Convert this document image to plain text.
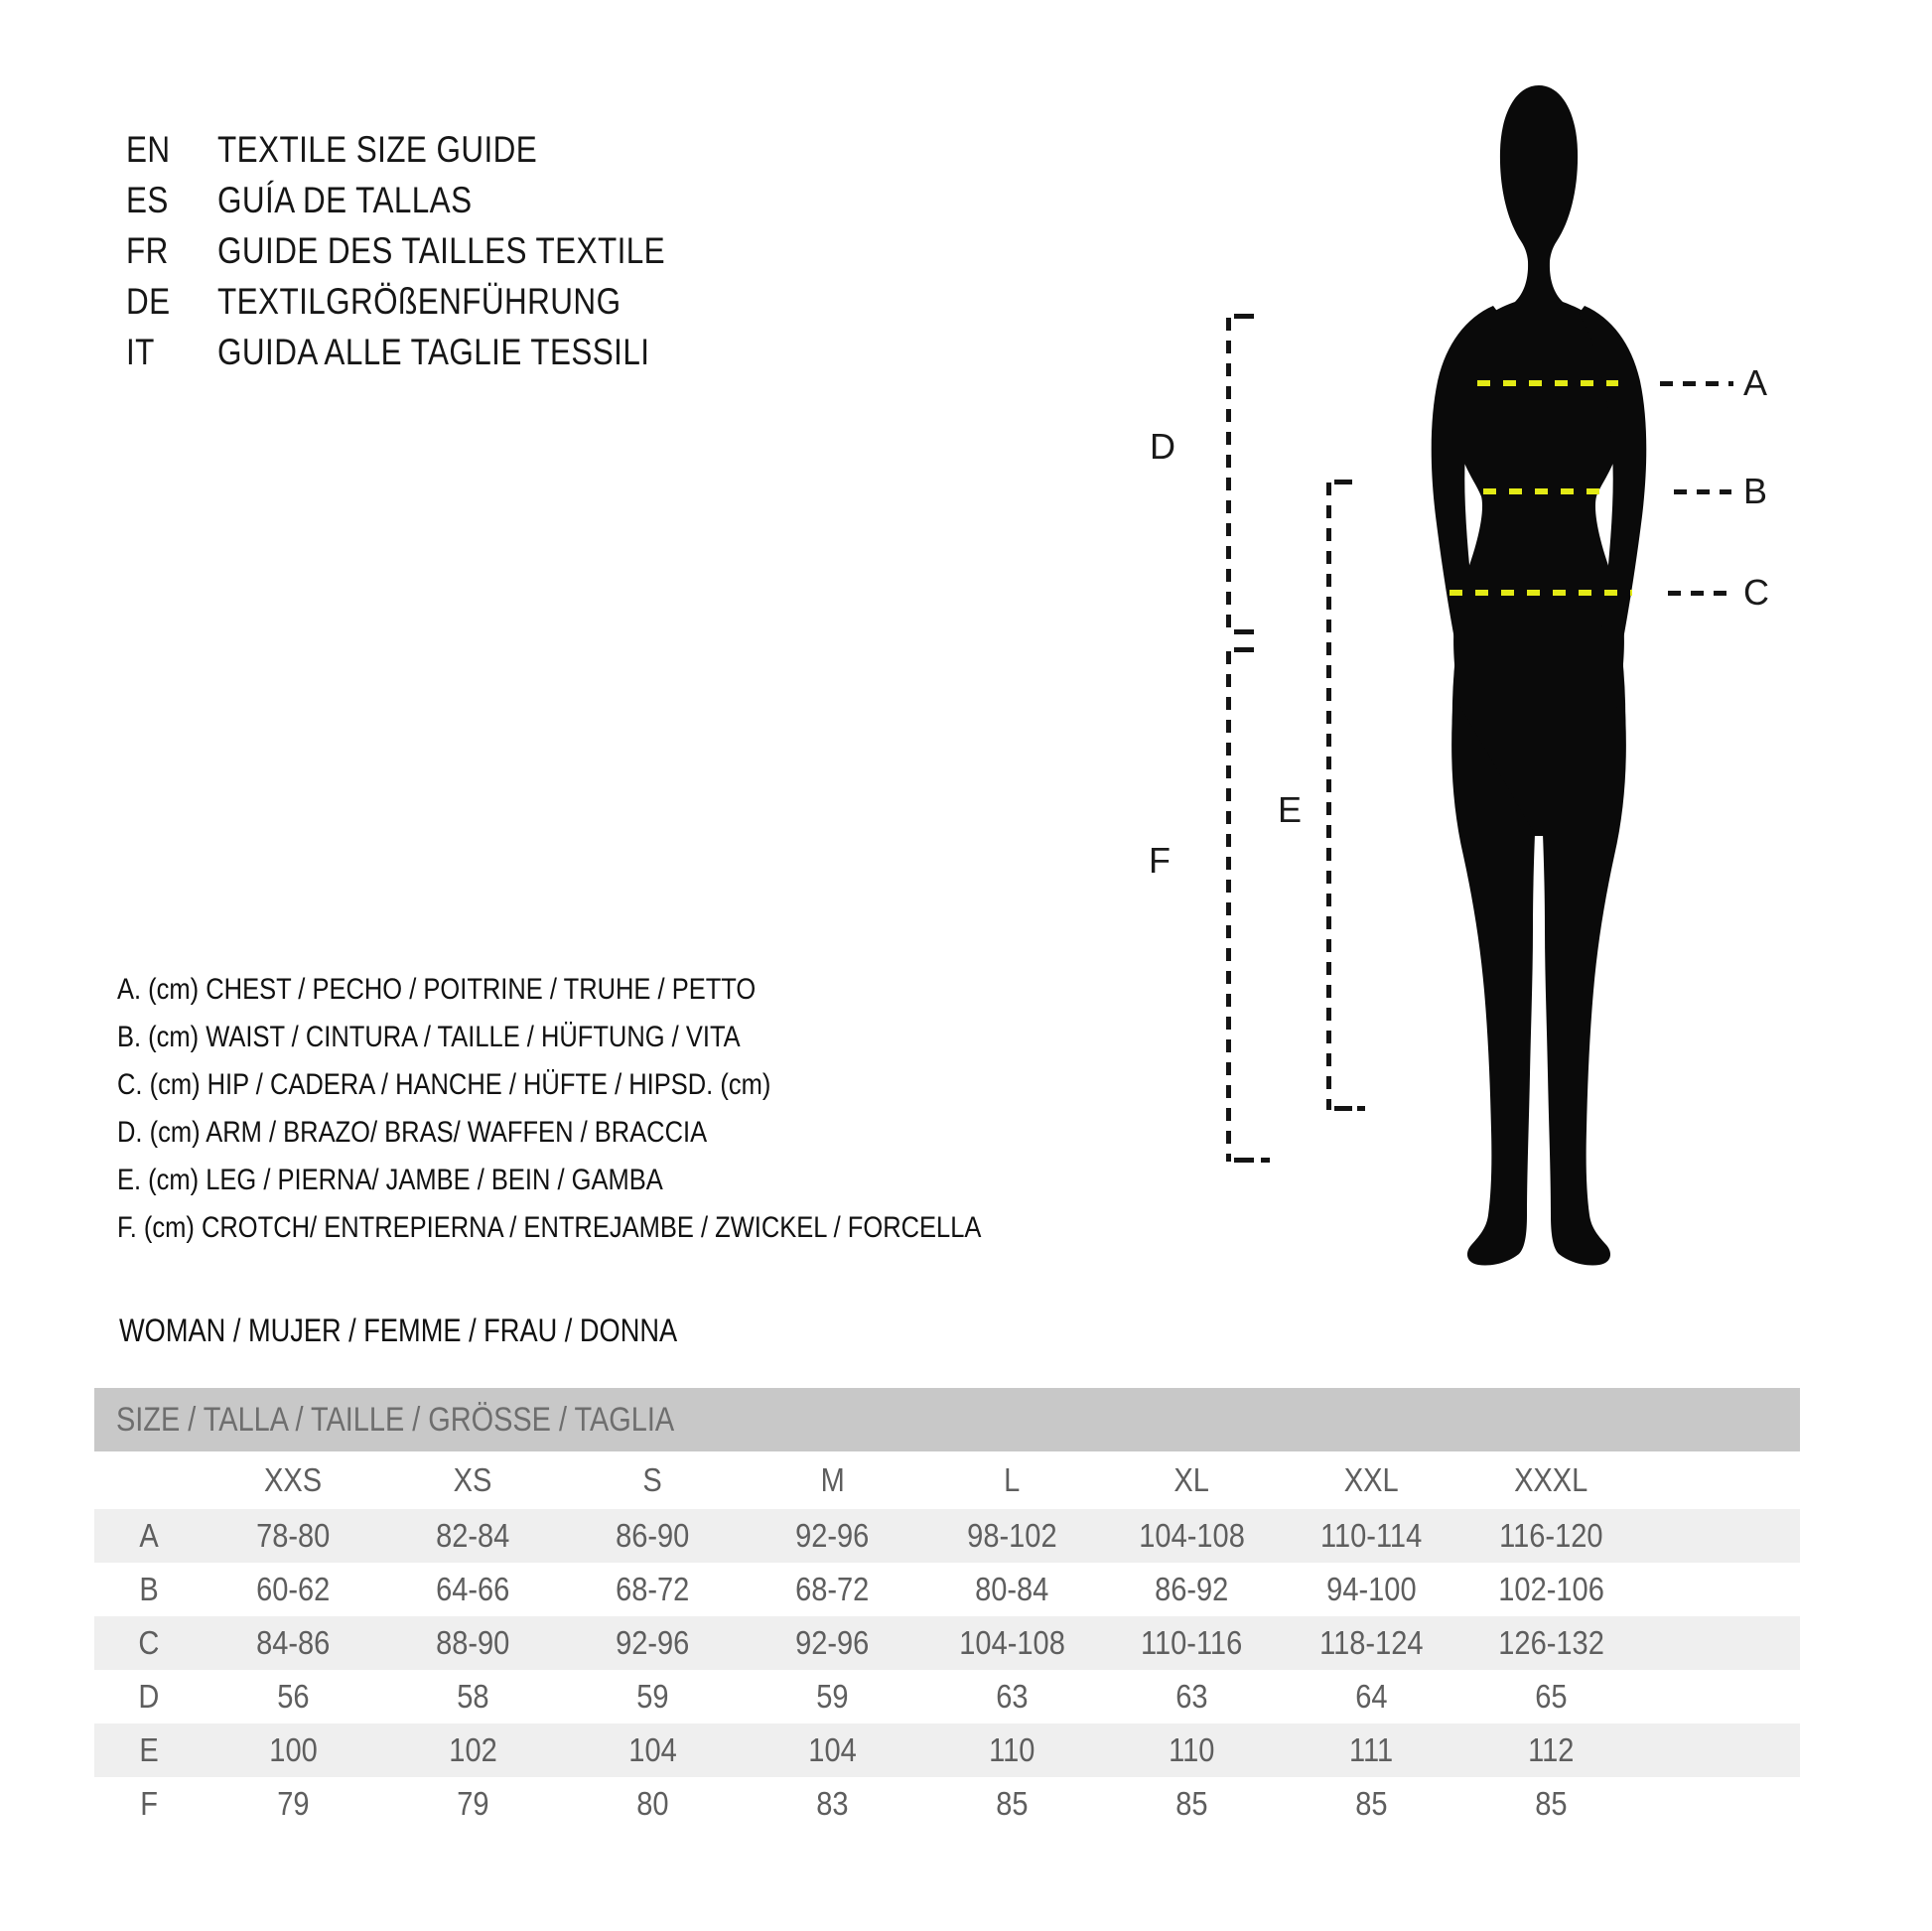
EN TEXTILE SIZE GUIDE
ES GUÍA DE TALLAS
FR GUIDE DES TAILLES TEXTILE
DE TEXTILGRÖßENFÜHRUNG
IT GUIDA ALLE TAGLIE TESSILI
A
B
C
D
E
F
A. (cm) CHEST / PECHO / POITRINE / TRUHE / PETTO
B. (cm) WAIST / CINTURA / TAILLE / HÜFTUNG / VITA
C. (cm) HIP / CADERA / HANCHE / HÜFTE / HIPSD. (cm)
D. (cm) ARM / BRAZO/ BRAS/ WAFFEN / BRACCIA
E. (cm) LEG / PIERNA/ JAMBE / BEIN / GAMBA
F. (cm) CROTCH/ ENTREPIERNA / ENTREJAMBE / ZWICKEL / FORCELLA
WOMAN / MUJER / FEMME / FRAU / DONNA
SIZE / TALLA / TAILLE / GRÖSSE / TAGLIA									
	XXS	XS	S	M	L	XL	XXL	XXXL	
A	78-80	82-84	86-90	92-96	98-102	104-108	110-114	116-120	
B	60-62	64-66	68-72	68-72	80-84	86-92	94-100	102-106	
C	84-86	88-90	92-96	92-96	104-108	110-116	118-124	126-132	
D	56	58	59	59	63	63	64	65	
E	100	102	104	104	110	110	111	112	
F	79	79	80	83	85	85	85	85	
